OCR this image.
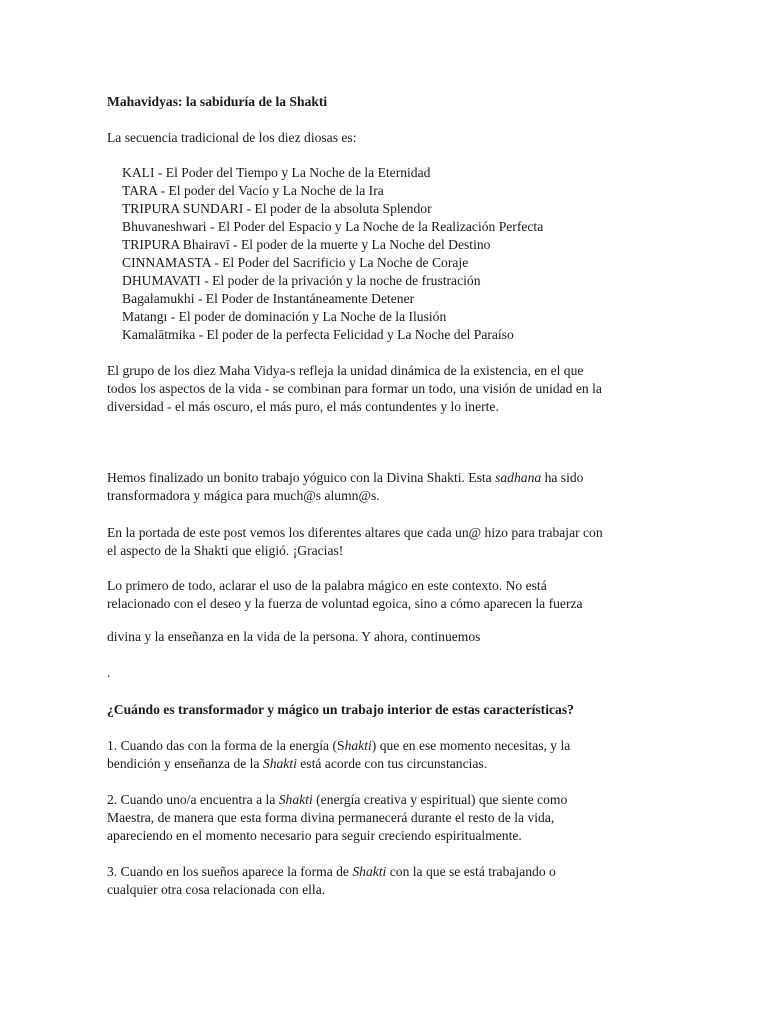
Mahavidyas: la sabiduría de la Shakti
La secuencia tradicional de los diez diosas es:
KALI - El Poder del Tiempo y La Noche de la Eternidad
TARA - El poder del Vacío y La Noche de la Ira
TRIPURA SUNDARI - El poder de la absoluta Splendor
Bhuvaneshwari - El Poder del Espacio y La Noche de la Realización Perfecta
TRIPURA Bhairavī - El poder de la muerte y La Noche del Destino
CINNAMASTA - El Poder del Sacrificio y La Noche de Coraje
DHUMAVATI - El poder de la privación y la noche de frustración
Bagalamukhi - El Poder de Instantáneamente Detener
Matangı - El poder de dominación y La Noche de la Ilusión
Kamalātmika - El poder de la perfecta Felicidad y La Noche del Paraíso
El grupo de los diez Maha Vidya-s refleja la unidad dinámica de la existencia, en el que
todos los aspectos de la vida - se combinan para formar un todo, una visión de unidad en la
diversidad - el más oscuro, el más puro, el más contundentes y lo inerte.
Hemos finalizado un bonito trabajo yóguico con la Divina Shakti. Esta sadhana ha sido
transformadora y mágica para much@s alumn@s.
En la portada de este post vemos los diferentes altares que cada un@ hizo para trabajar con
el aspecto de la Shakti que eligió. ¡Gracias!
Lo primero de todo, aclarar el uso de la palabra mágico en este contexto. No está
relacionado con el deseo y la fuerza de voluntad egoica, sino a cómo aparecen la fuerza
divina y la enseñanza en la vida de la persona. Y ahora, continuemos
.
¿Cuándo es transformador y mágico un trabajo interior de estas características?
1. Cuando das con la forma de la energía (Shakti) que en ese momento necesitas, y la
bendición y enseñanza de la Shakti está acorde con tus circunstancias.
2. Cuando uno/a encuentra a la Shakti (energía creativa y espiritual) que siente como
Maestra, de manera que esta forma divina permanecerá durante el resto de la vida,
apareciendo en el momento necesario para seguir creciendo espiritualmente.
3. Cuando en los sueños aparece la forma de Shakti con la que se está trabajando o
cualquier otra cosa relacionada con ella.
